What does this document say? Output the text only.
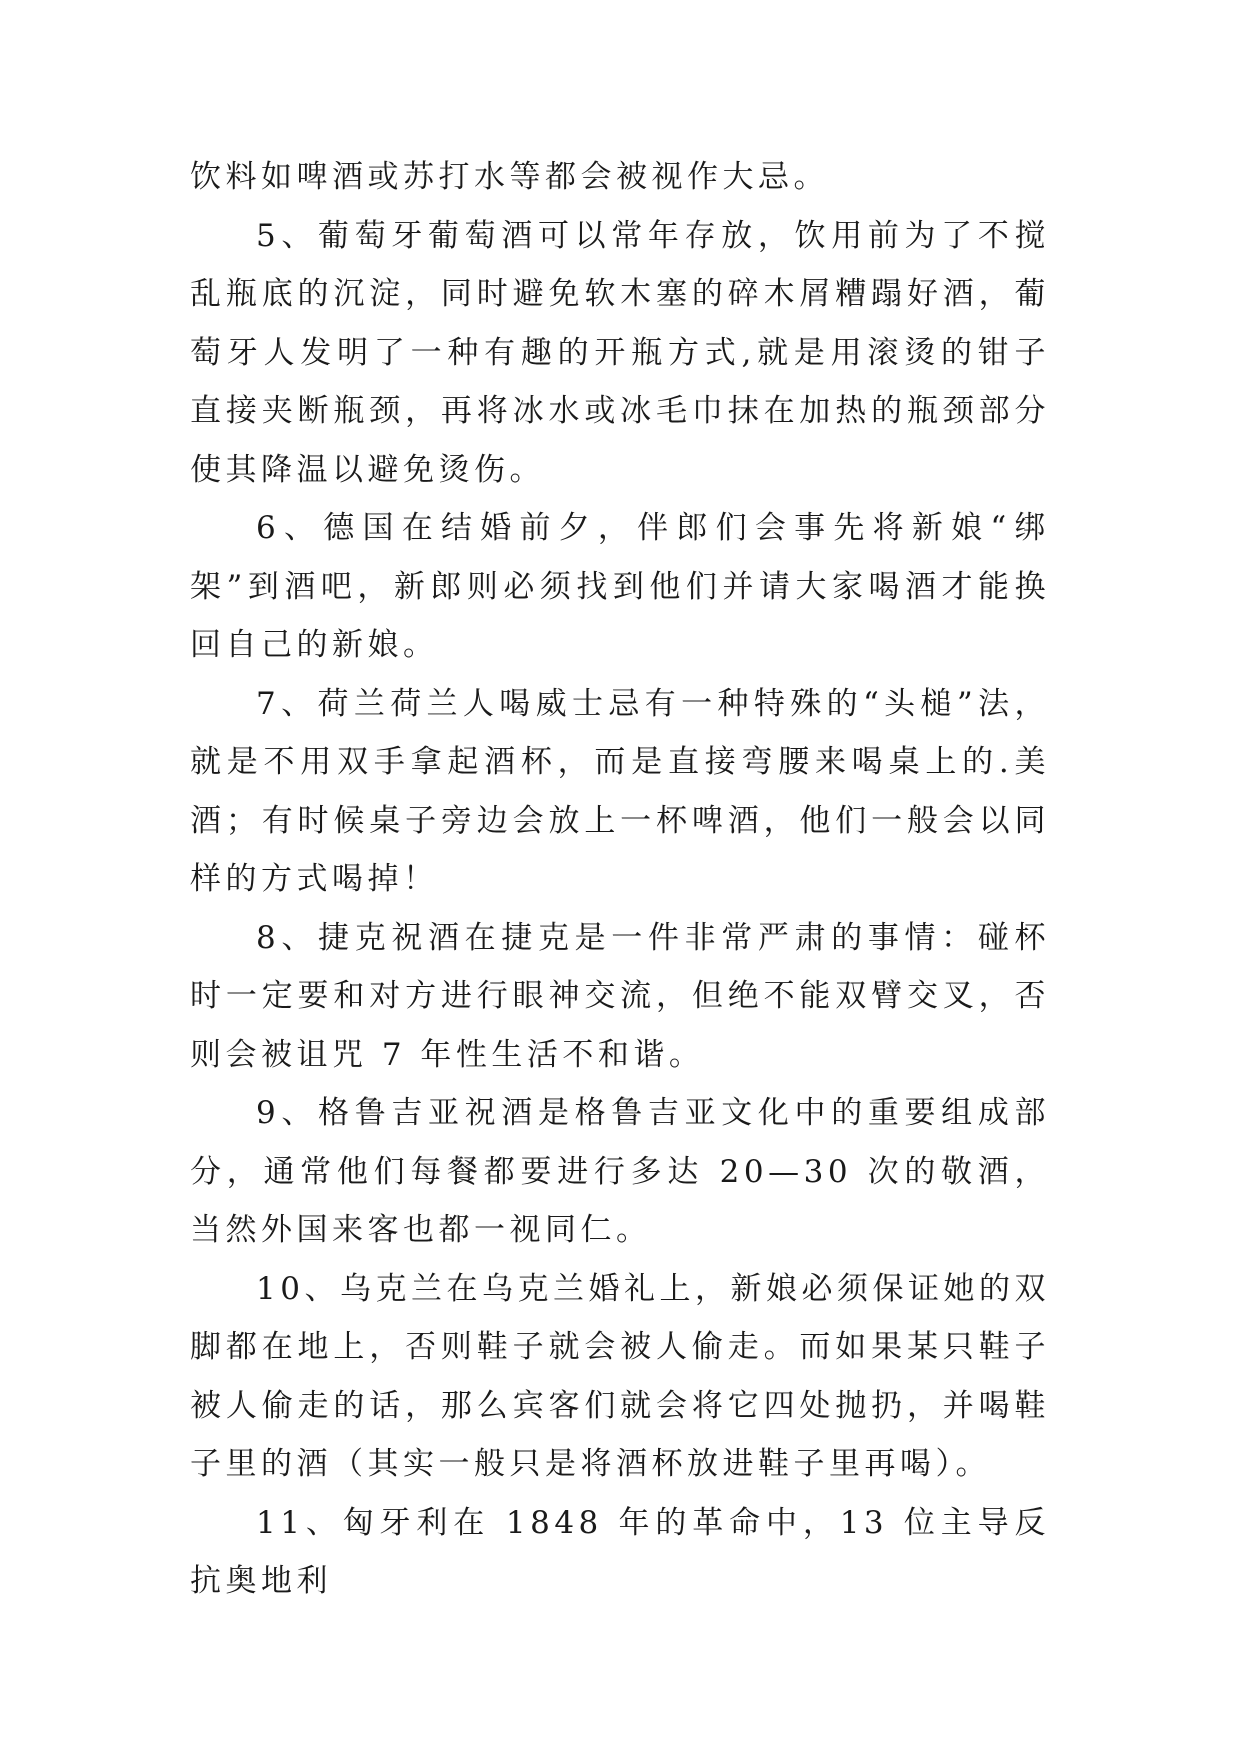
饮料如啤酒或苏打水等都会被视作大忌。

5、葡萄牙葡萄酒可以常年存放，饮用前为了不搅乱瓶底的沉淀，同时避免软木塞的碎木屑糟蹋好酒，葡萄牙人发明了一种有趣的开瓶方式,就是用滚烫的钳子直接夹断瓶颈，再将冰水或冰毛巾抹在加热的瓶颈部分使其降温以避免烫伤。

6、德国在结婚前夕，伴郎们会事先将新娘“绑架”到酒吧，新郎则必须找到他们并请大家喝酒才能换回自己的新娘。

7、荷兰荷兰人喝威士忌有一种特殊的“头槌”法，就是不用双手拿起酒杯，而是直接弯腰来喝桌上的.美酒；有时候桌子旁边会放上一杯啤酒，他们一般会以同样的方式喝掉！

8、捷克祝酒在捷克是一件非常严肃的事情：碰杯时一定要和对方进行眼神交流，但绝不能双臂交叉，否则会被诅咒 7 年性生活不和谐。

9、格鲁吉亚祝酒是格鲁吉亚文化中的重要组成部分，通常他们每餐都要进行多达 20—30 次的敬酒，当然外国来客也都一视同仁。

10、乌克兰在乌克兰婚礼上，新娘必须保证她的双脚都在地上，否则鞋子就会被人偷走。而如果某只鞋子被人偷走的话，那么宾客们就会将它四处抛扔，并喝鞋子里的酒（其实一般只是将酒杯放进鞋子里再喝）。

11、匈牙利在 1848 年的革命中，13 位主导反抗奥地利
